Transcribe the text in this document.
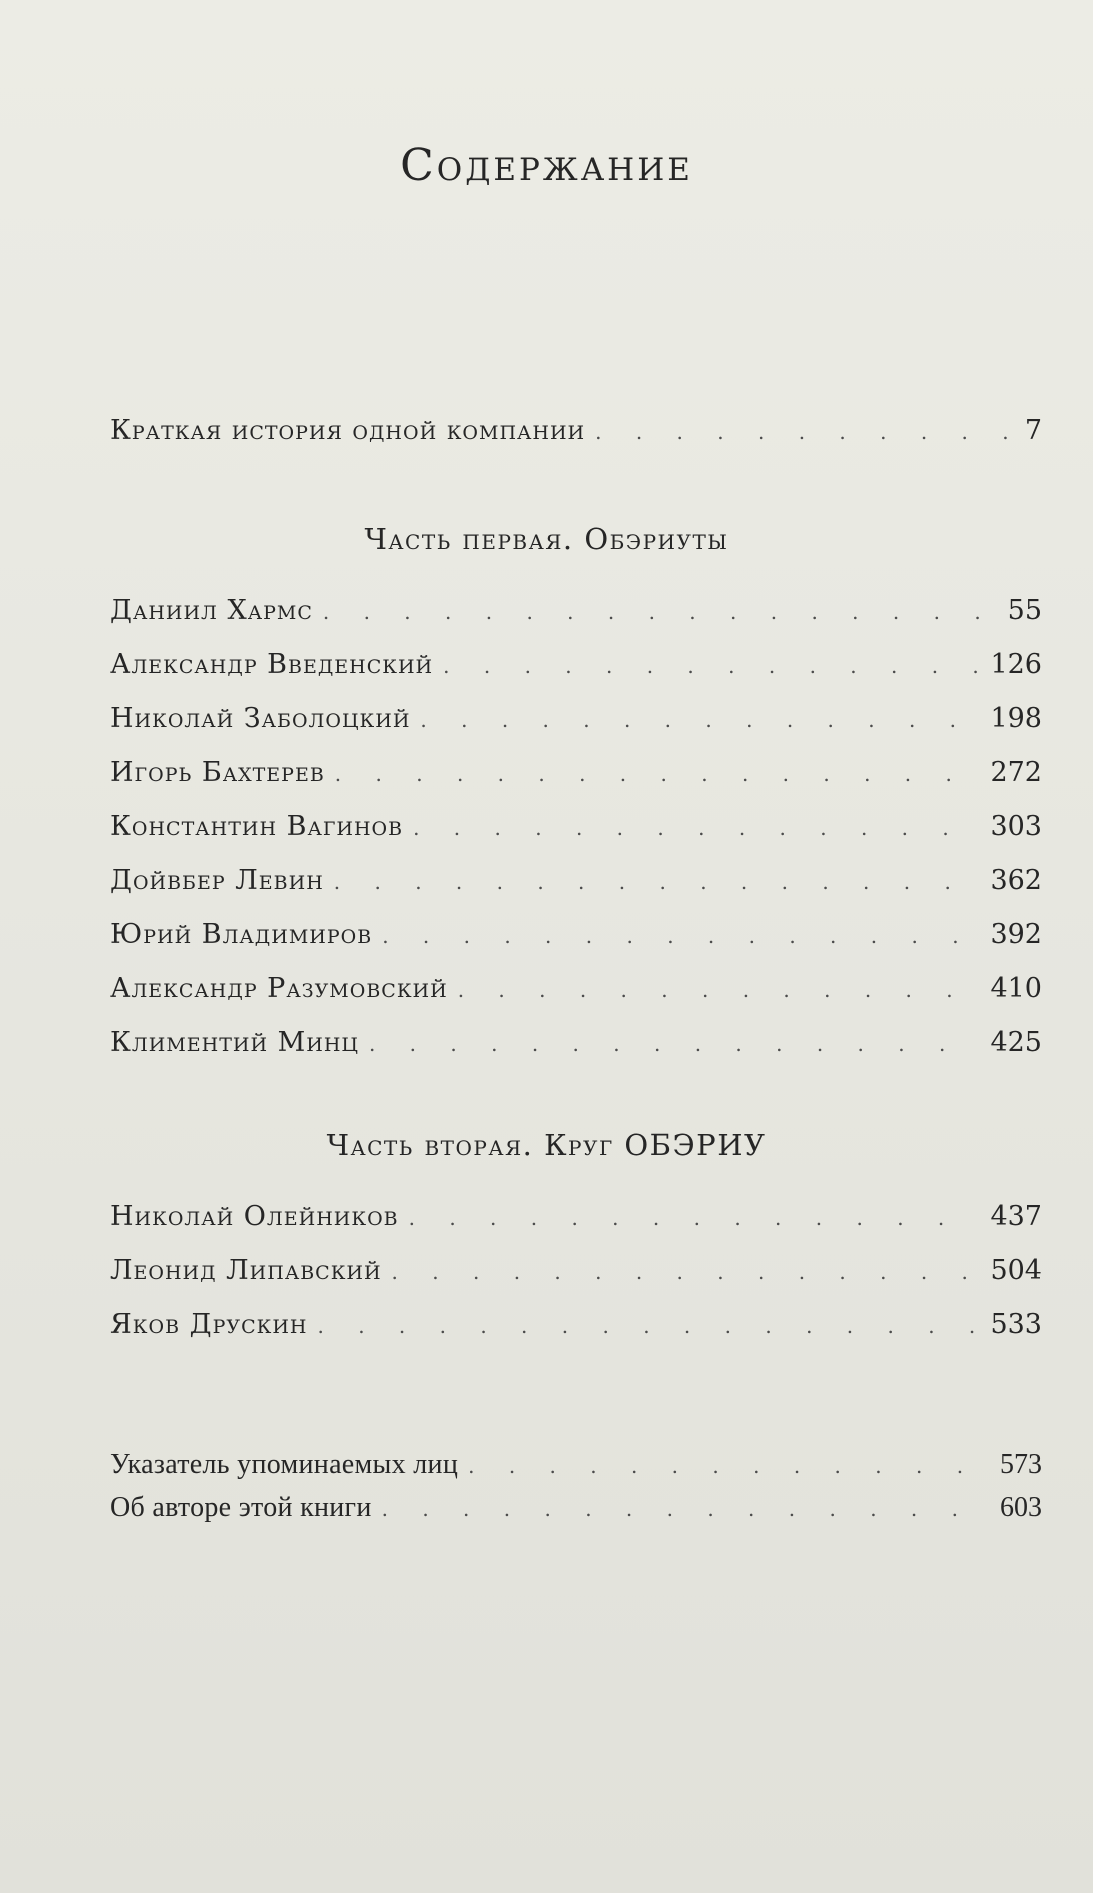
Содержание
Краткая история одной компании . . .	7
Часть первая. Обэриуты
Даниил Хармс . . .	55
Александр Введенский . . .	126
Николай Заболоцкий . . .	198
Игорь Бахтерев . . .	272
Константин Вагинов . . .	303
Дойвбер Левин . . .	362
Юрий Владимиров . . .	392
Александр Разумовский . . .	410
Климентий Минц . . .	425
Часть вторая. Круг ОБЭРИУ
Николай Олейников . . .	437
Леонид Липавский . . .	504
Яков Друскин . . .	533
Указатель упоминаемых лиц . . .	573
Об авторе этой книги . . .	603
